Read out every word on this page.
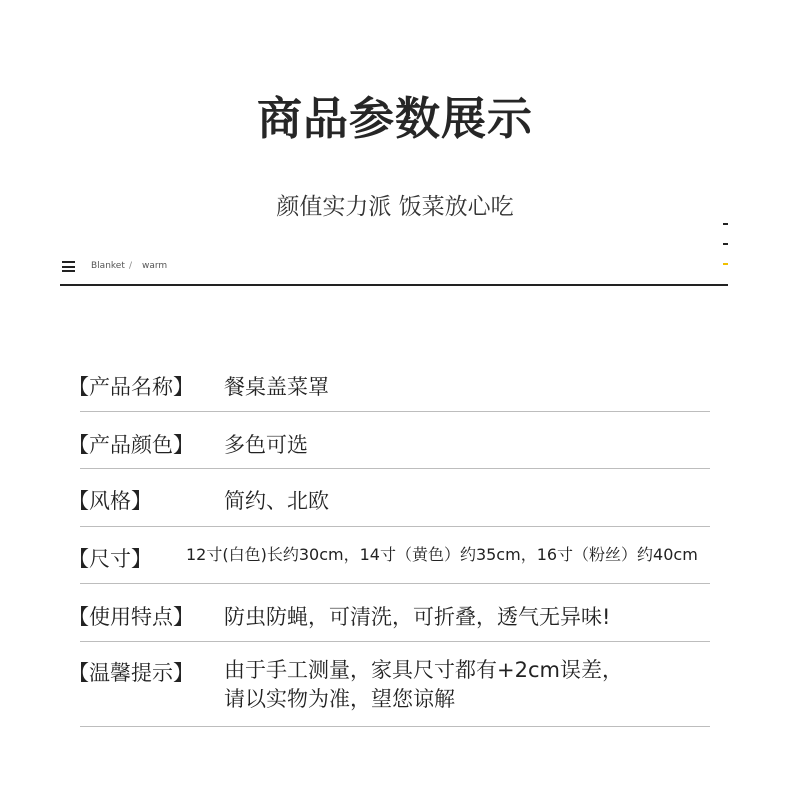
商品参数展示
颜值实力派 饭菜放心吃
Blanket / warm
【产品名称】 餐桌盖菜罩
【产品颜色】 多色可选
【风格】	简约、北欧
【尺寸】 12寸(白色)长约30cm，14寸（黄色）约35cm，16寸（粉丝）约40cm
【使用特点】 防虫防蝇，可清洗，可折叠，透气无异味!
【温馨提示】 由于手工测量，家具尺寸都有+2cm误差，
请以实物为准，望您谅解
